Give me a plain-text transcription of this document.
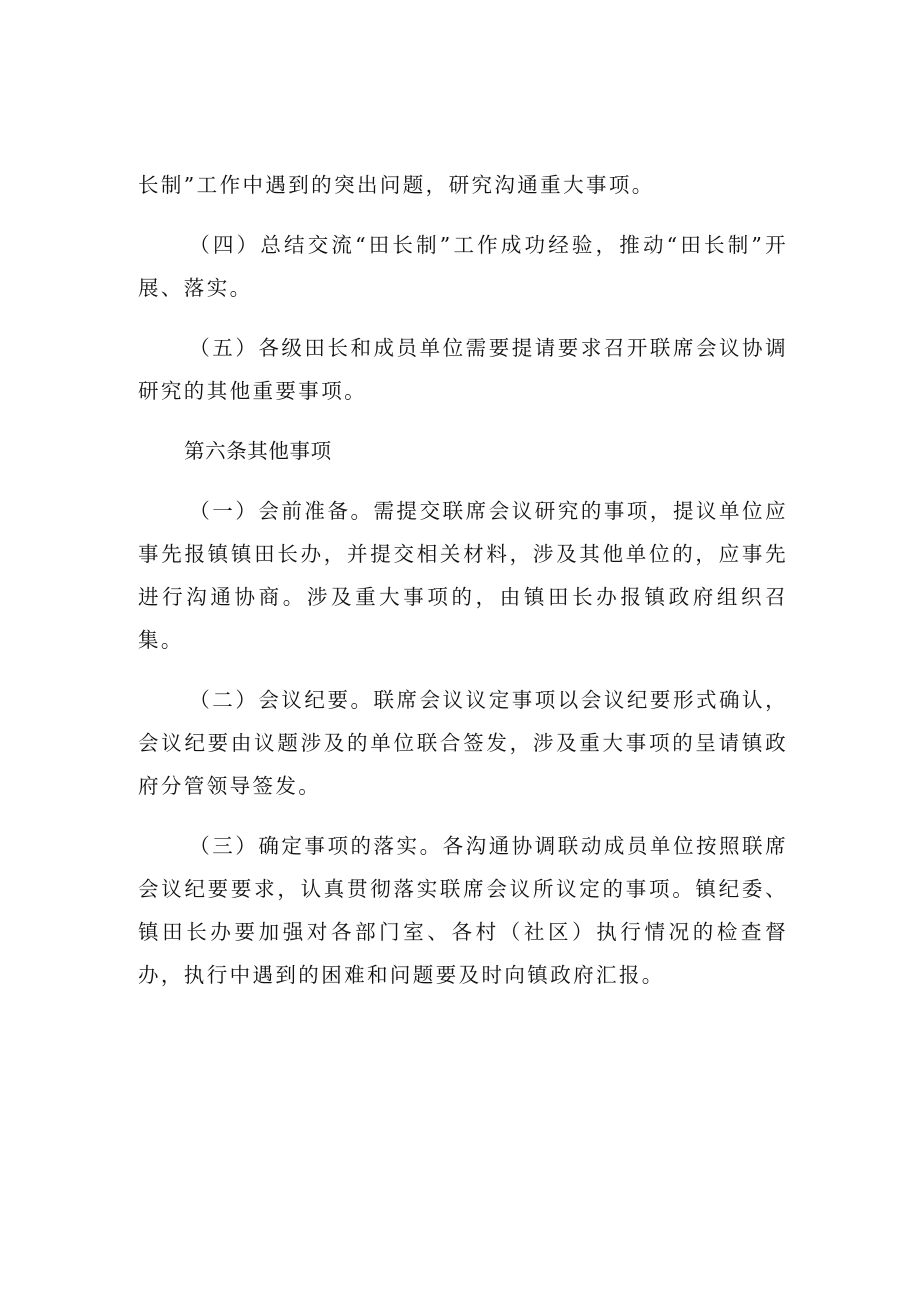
长制”工作中遇到的突出问题，研究沟通重大事项。

（四）总结交流“田长制”工作成功经验，推动“田长制”开展、落实。

（五）各级田长和成员单位需要提请要求召开联席会议协调研究的其他重要事项。

第六条其他事项

（一）会前准备。需提交联席会议研究的事项，提议单位应事先报镇镇田长办，并提交相关材料，涉及其他单位的，应事先进行沟通协商。涉及重大事项的，由镇田长办报镇政府组织召集。

（二）会议纪要。联席会议议定事项以会议纪要形式确认，会议纪要由议题涉及的单位联合签发，涉及重大事项的呈请镇政府分管领导签发。

（三）确定事项的落实。各沟通协调联动成员单位按照联席会议纪要要求，认真贯彻落实联席会议所议定的事项。镇纪委、镇田长办要加强对各部门室、各村（社区）执行情况的检查督办，执行中遇到的困难和问题要及时向镇政府汇报。
